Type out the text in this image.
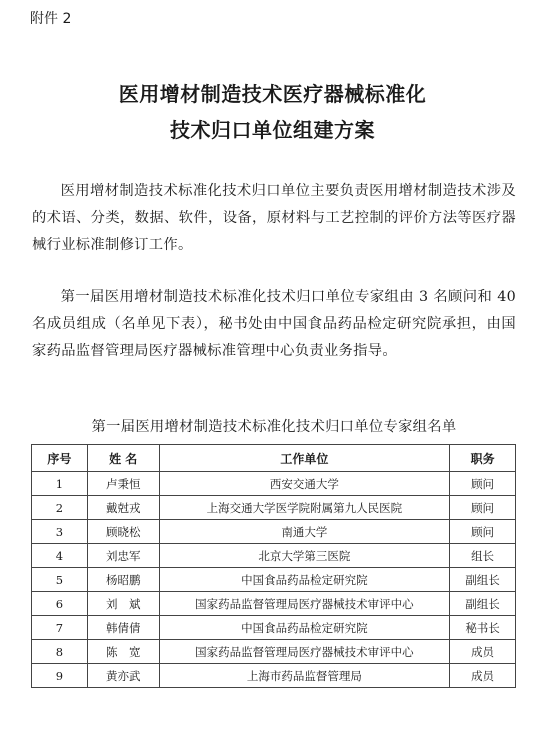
附件 2
医用增材制造技术医疗器械标准化
技术归口单位组建方案
医用增材制造技术标准化技术归口单位主要负责医用增材制造技术涉及的术语、分类，数据、软件，设备，原材料与工艺控制的评价方法等医疗器械行业标准制修订工作。
第一届医用增材制造技术标准化技术归口单位专家组由 3 名顾问和 40 名成员组成（名单见下表），秘书处由中国食品药品检定研究院承担，由国家药品监督管理局医疗器械标准管理中心负责业务指导。
第一届医用增材制造技术标准化技术归口单位专家组名单
序号	姓 名	工作单位	职务
1	卢秉恒	西安交通大学	顾问
2	戴尅戎	上海交通大学医学院附属第九人民医院	顾问
3	顾晓松	南通大学	顾问
4	刘忠军	北京大学第三医院	组长
5	杨昭鹏	中国食品药品检定研究院	副组长
6	刘　斌	国家药品监督管理局医疗器械技术审评中心	副组长
7	韩倩倩	中国食品药品检定研究院	秘书长
8	陈　宽	国家药品监督管理局医疗器械技术审评中心	成员
9	黄亦武	上海市药品监督管理局	成员
